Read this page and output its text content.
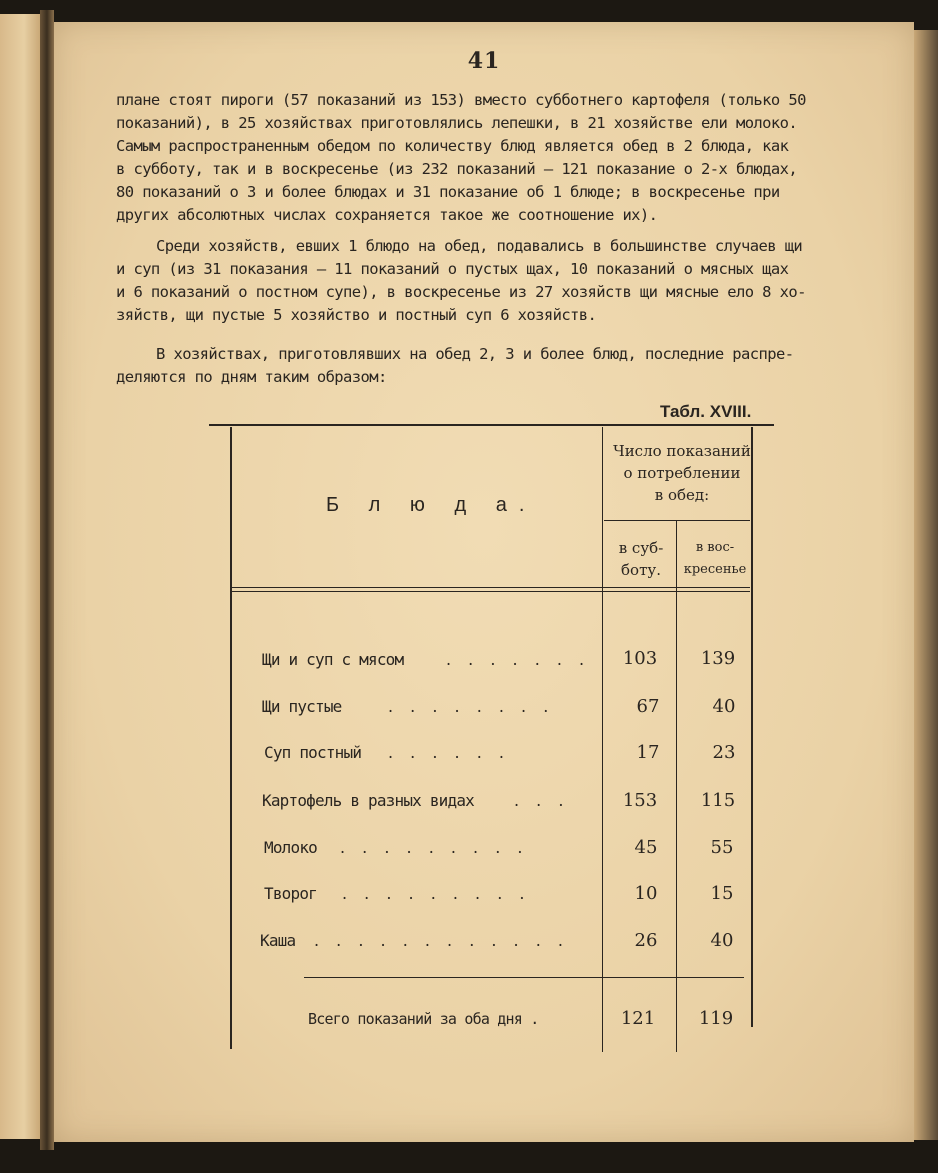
41
плане стоят пироги (57 показаний из 153) вместо субботнего картофеля (только 50
показаний), в 25 хозяйствах приготовлялись лепешки, в 21 хозяйстве ели молоко.
Самым распространенным обедом по количеству блюд является обед в 2 блюда, как
в субботу, так и в воскресенье (из 232 показаний — 121 показание о 2-х блюдах,
80 показаний о 3 и более блюдах и 31 показание об 1 блюде; в воскресенье при
других абсолютных числах сохраняется такое же соотношение их).
Среди хозяйств, евших 1 блюдо на обед, подавались в большинстве случаев щи
и суп (из 31 показания — 11 показаний о пустых щах, 10 показаний о мясных щах
и 6 показаний о постном супе), в воскресенье из 27 хозяйств щи мясные ело 8 хо-
зяйств, щи пустые 5 хозяйство и постный суп 6 хозяйств.
В хозяйствах, приготовлявших на обед 2, 3 и более блюд, последние распре-
деляются по дням таким образом:
Табл. XVIII.
Б л ю д а.
Число показаний
о потреблении
в обед:
в суб-
боту.
в вос-
кресенье
Щи и суп с мясом	. . . . . . .	103	139
Щи пустые	. . . . . . . .	67	40
Суп постный . . . . . .	17	23
Картофель в разных видах	. . .	153	115
Молоко . . . . . . . . .	45	55
Творог . . . . . . . . .	10	15
Каша . . . . . . . . . . . .	26	40
Всего показаний за оба дня .	121	119
